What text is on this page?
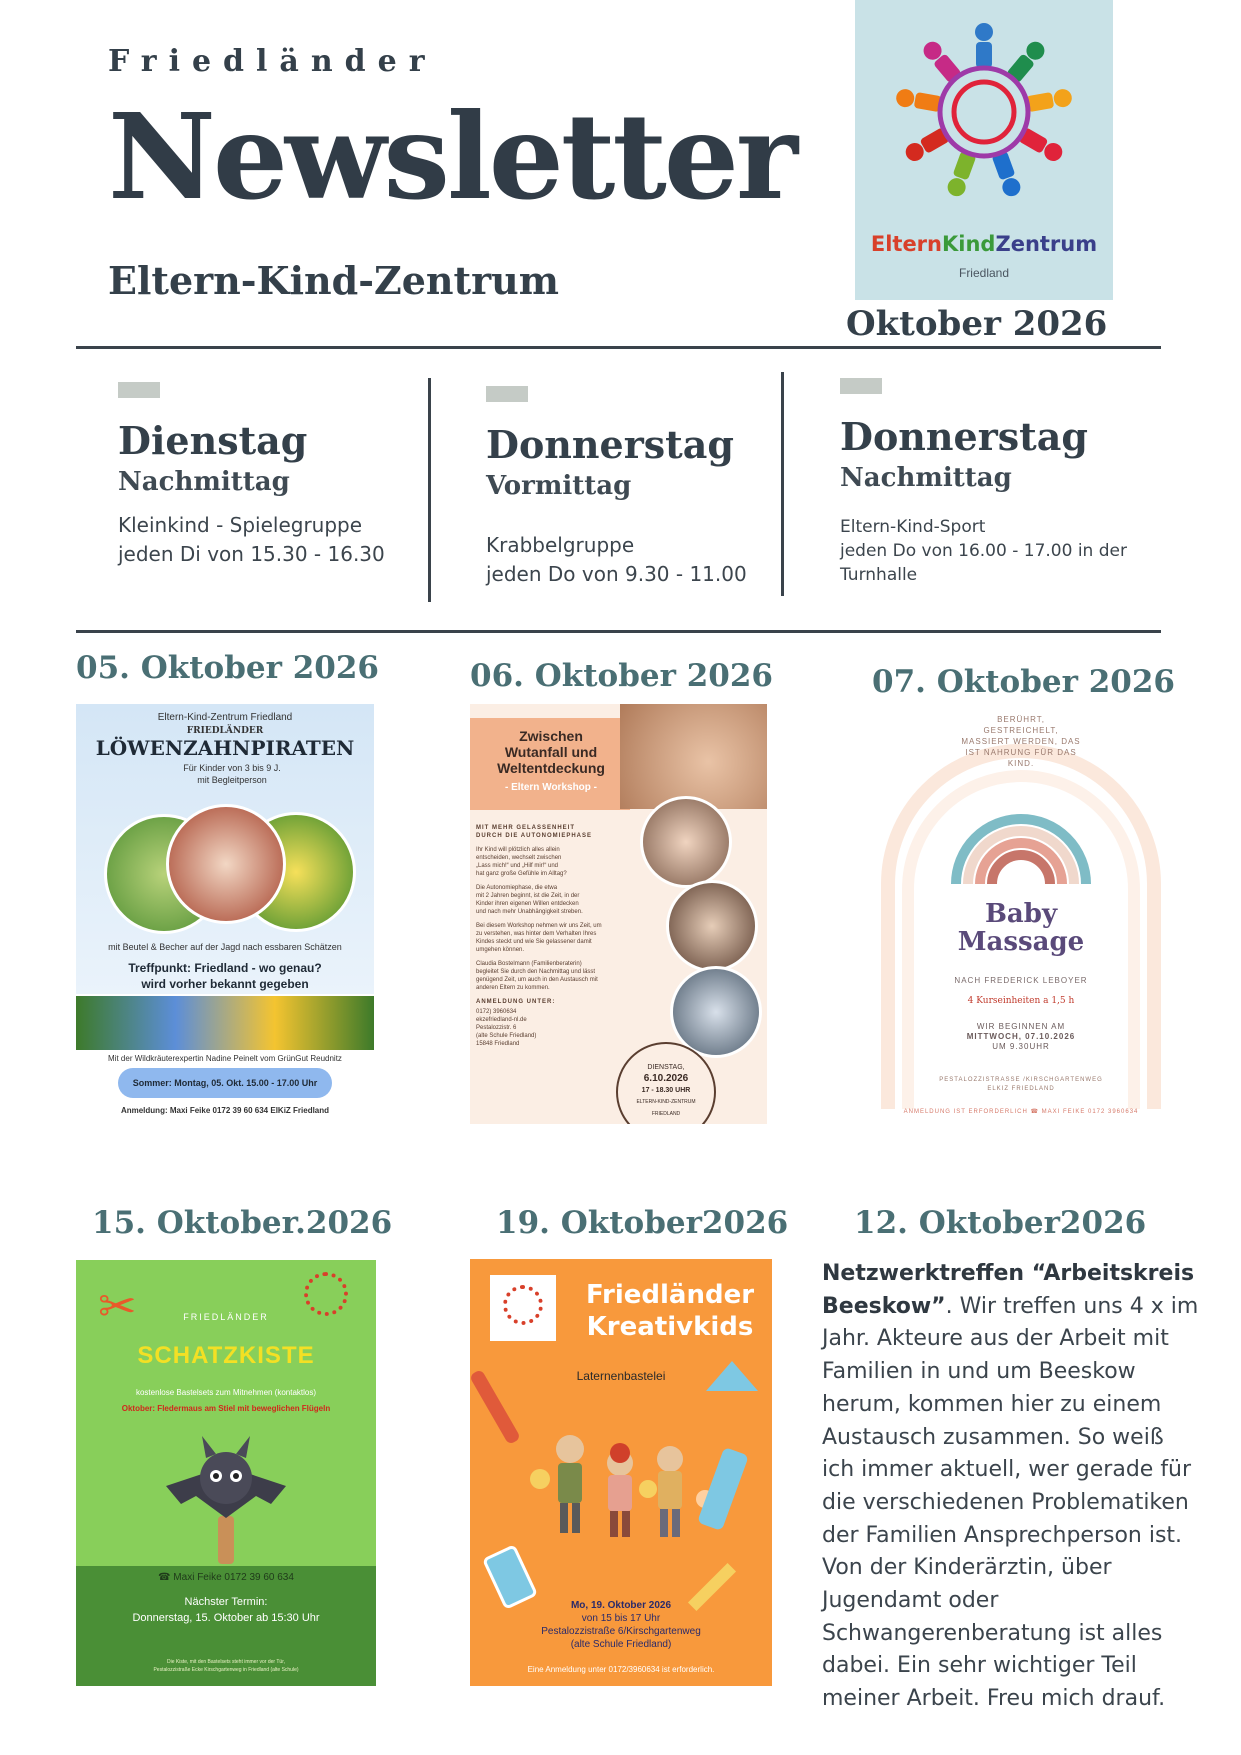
Friedländer
Newsletter
Eltern-Kind-Zentrum
ElternKindZentrum
Friedland
Oktober 2026
Dienstag
Nachmittag
Kleinkind - Spielegruppe
jeden Di von 15.30 - 16.30
Donnerstag
Vormittag
Krabbelgruppe
jeden Do von 9.30 - 11.00
Donnerstag
Nachmittag
Eltern-Kind-Sport
jeden Do von 16.00 - 17.00 in der
Turnhalle
05. Oktober 2026	06. Oktober 2026	07. Oktober 2026
15. Oktober.2026	19. Oktober2026 12. Oktober2026
Eltern-Kind-Zentrum Friedland
FRIEDLÄNDER
LÖWENZAHNPIRATEN
Für Kinder von 3 bis 9 J.
mit Begleitperson
mit Beutel & Becher auf der Jagd nach essbaren Schätzen
Treffpunkt: Friedland - wo genau?
wird vorher bekannt gegeben
Mit der Wildkräuterexpertin Nadine Peinelt vom GrünGut Reudnitz
Sommer: Montag, 05. Okt. 15.00 - 17.00 Uhr
Anmeldung: Maxi Feike 0172 39 60 634 ElKiZ Friedland
Zwischen
Wutanfall und
Weltentdeckung
- Eltern Workshop -
MIT MEHR GELASSENHEIT
DURCH DIE AUTONOMIEPHASE
Ihr Kind will plötzlich alles allein
entscheiden, wechselt zwischen
„Lass mich!“ und „Hilf mir!“ und
hat ganz große Gefühle im Alltag?
Die Autonomiephase, die etwa
mit 2 Jahren beginnt, ist die Zeit, in der
Kinder ihren eigenen Willen entdecken
und nach mehr Unabhängigkeit streben.
Bei diesem Workshop nehmen wir uns Zeit, um
zu verstehen, was hinter dem Verhalten Ihres
Kindes steckt und wie Sie gelassener damit
umgehen können.
Claudia Bostelmann (Familienberaterin)
begleitet Sie durch den Nachmittag und lässt
genügend Zeit, um auch in den Austausch mit
anderen Eltern zu kommen.
ANMELDUNG UNTER:
0172) 3960634
ekzefriedland-nl.de
Pestalozzistr. 6
(alte Schule Friedland)
15848 Friedland
DIENSTAG,
6.10.2026
17 - 18.30 UHR
ELTERN-KIND-ZENTRUM
FRIEDLAND
BERÜHRT,
GESTREICHELT,
MASSIERT WERDEN, DAS
IST NAHRUNG FÜR DAS
KIND.
Baby
Massage
NACH FREDERICK LEBOYER
4 Kurseinheiten a 1,5 h
WIR BEGINNEN AM
MITTWOCH, 07.10.2026
UM 9.30UHR
PESTALOZZISTRASSE /KIRSCHGARTENWEG
ELKIZ FRIEDLAND
ANMELDUNG IST ERFORDERLICH ☎ MAXI FEIKE 0172 3960634
✂	FRIEDLÄNDER
SCHATZKISTE
kostenlose Bastelsets zum Mitnehmen (kontaktlos)
Oktober: Fledermaus am Stiel mit beweglichen Flügeln
☎ Maxi Feike 0172 39 60 634
Nächster Termin:
Donnerstag, 15. Oktober ab 15:30 Uhr
Die Kiste, mit den Bastelsets steht immer vor der Tür,
Pestalozzistraße Ecke Kirschgartenweg in Friedland (alte Schule)
Friedländer
Kreativkids
Laternenbastelei
Mo, 19. Oktober 2026
von 15 bis 17 Uhr
Pestalozzistraße 6/Kirschgartenweg
(alte Schule Friedland)
Eine Anmeldung unter 0172/3960634 ist erforderlich.
Netzwerktreffen “Arbeitskreis Beeskow”. Wir treffen uns 4 x im Jahr. Akteure aus der Arbeit mit Familien in und um Beeskow herum, kommen hier zu einem Austausch zusammen. So weiß ich immer aktuell, wer gerade für die verschiedenen Problematiken der Familien Ansprechperson ist. Von der Kinderärztin, über Jugendamt oder Schwangerenberatung ist alles dabei. Ein sehr wichtiger Teil meiner Arbeit. Freu mich drauf.
